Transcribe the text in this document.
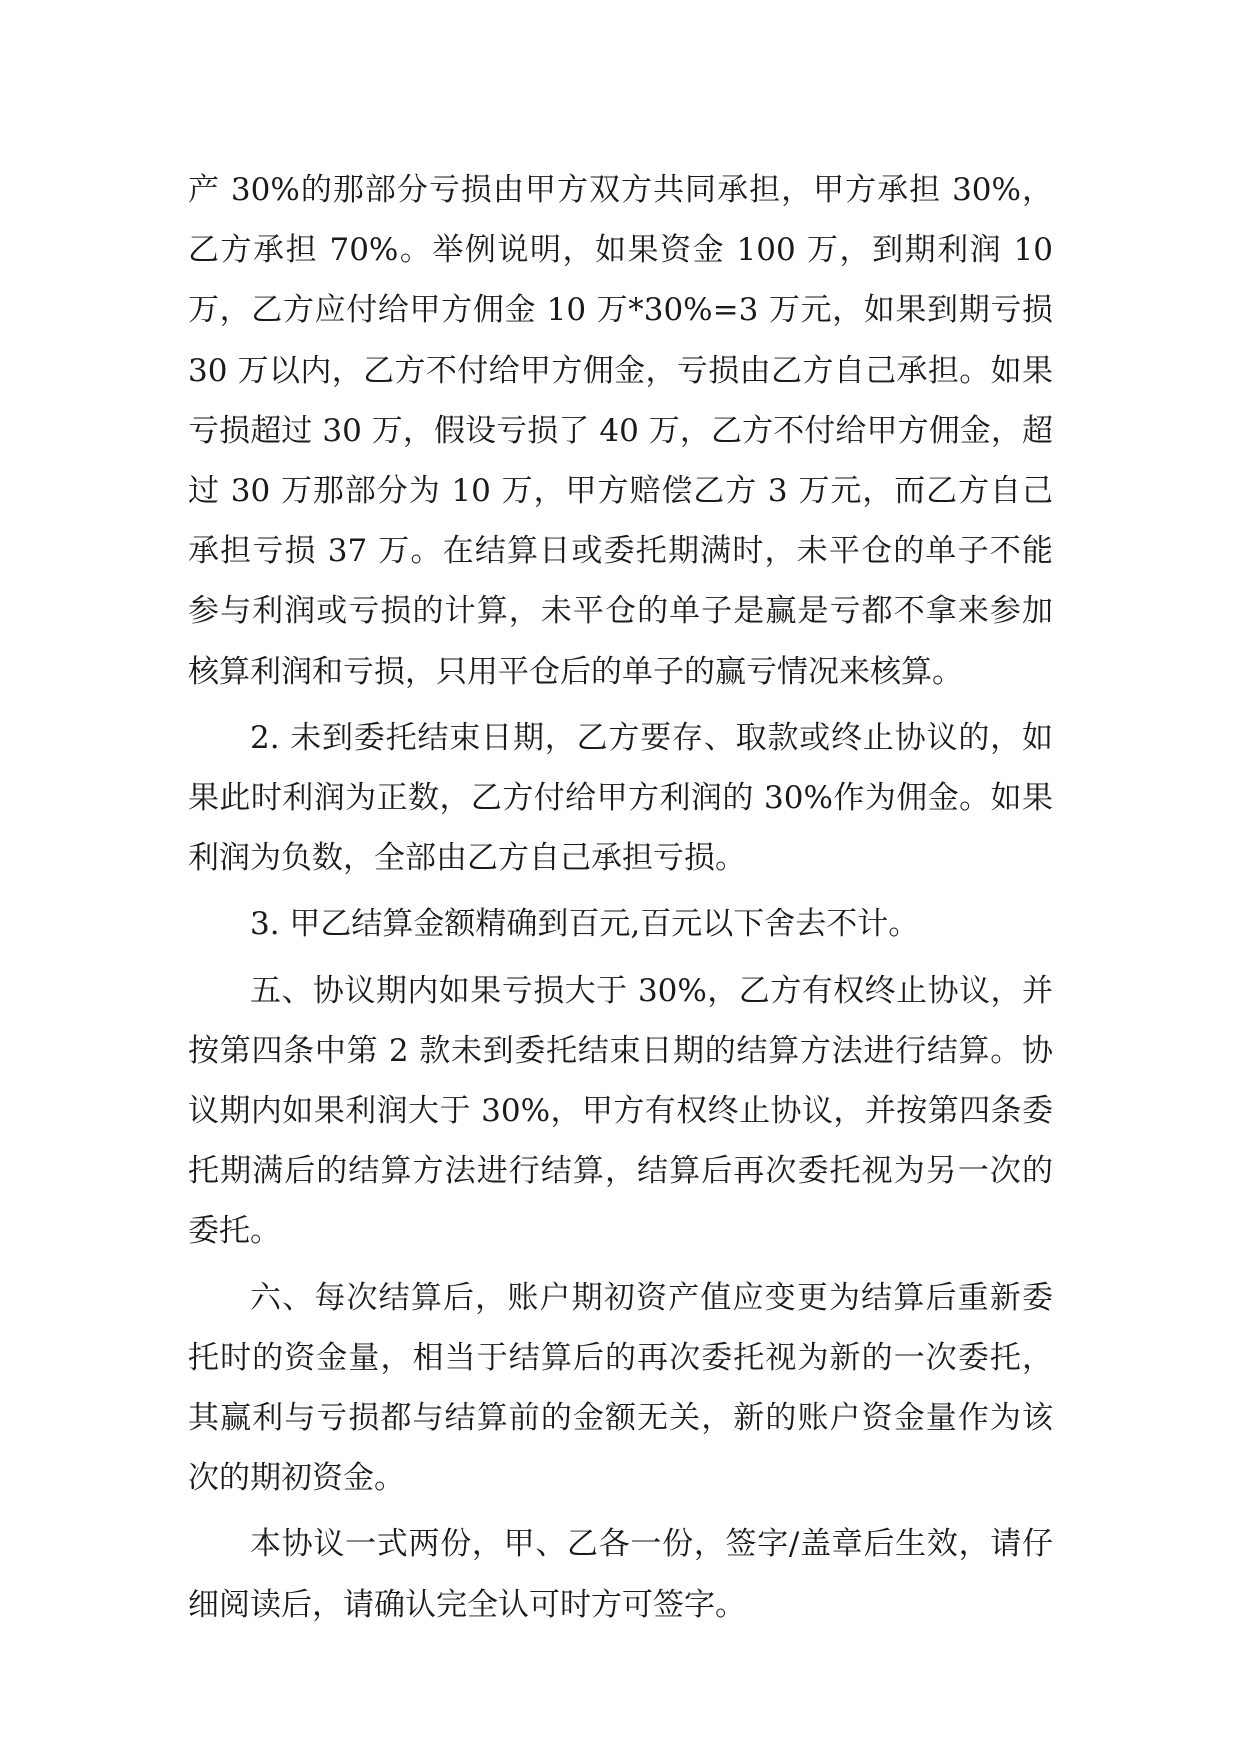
产 30%的那部分亏损由甲方双方共同承担，甲方承担 30%，乙方承担 70%。举例说明，如果资金 100 万，到期利润 10 万，乙方应付给甲方佣金 10 万*30%=3 万元，如果到期亏损 30 万以内，乙方不付给甲方佣金，亏损由乙方自己承担。如果亏损超过 30 万，假设亏损了 40 万，乙方不付给甲方佣金，超过 30 万那部分为 10 万，甲方赔偿乙方 3 万元，而乙方自己承担亏损 37 万。在结算日或委托期满时，未平仓的单子不能参与利润或亏损的计算，未平仓的单子是赢是亏都不拿来参加核算利润和亏损，只用平仓后的单子的赢亏情况来核算。

2. 未到委托结束日期，乙方要存、取款或终止协议的，如果此时利润为正数，乙方付给甲方利润的 30%作为佣金。如果利润为负数，全部由乙方自己承担亏损。

3. 甲乙结算金额精确到百元,百元以下舍去不计。

五、协议期内如果亏损大于 30%，乙方有权终止协议，并按第四条中第 2 款未到委托结束日期的结算方法进行结算。协议期内如果利润大于 30%，甲方有权终止协议，并按第四条委托期满后的结算方法进行结算，结算后再次委托视为另一次的委托。

六、每次结算后，账户期初资产值应变更为结算后重新委托时的资金量，相当于结算后的再次委托视为新的一次委托，其赢利与亏损都与结算前的金额无关，新的账户资金量作为该次的期初资金。

本协议一式两份，甲、乙各一份，签字/盖章后生效，请仔细阅读后，请确认完全认可时方可签字。
